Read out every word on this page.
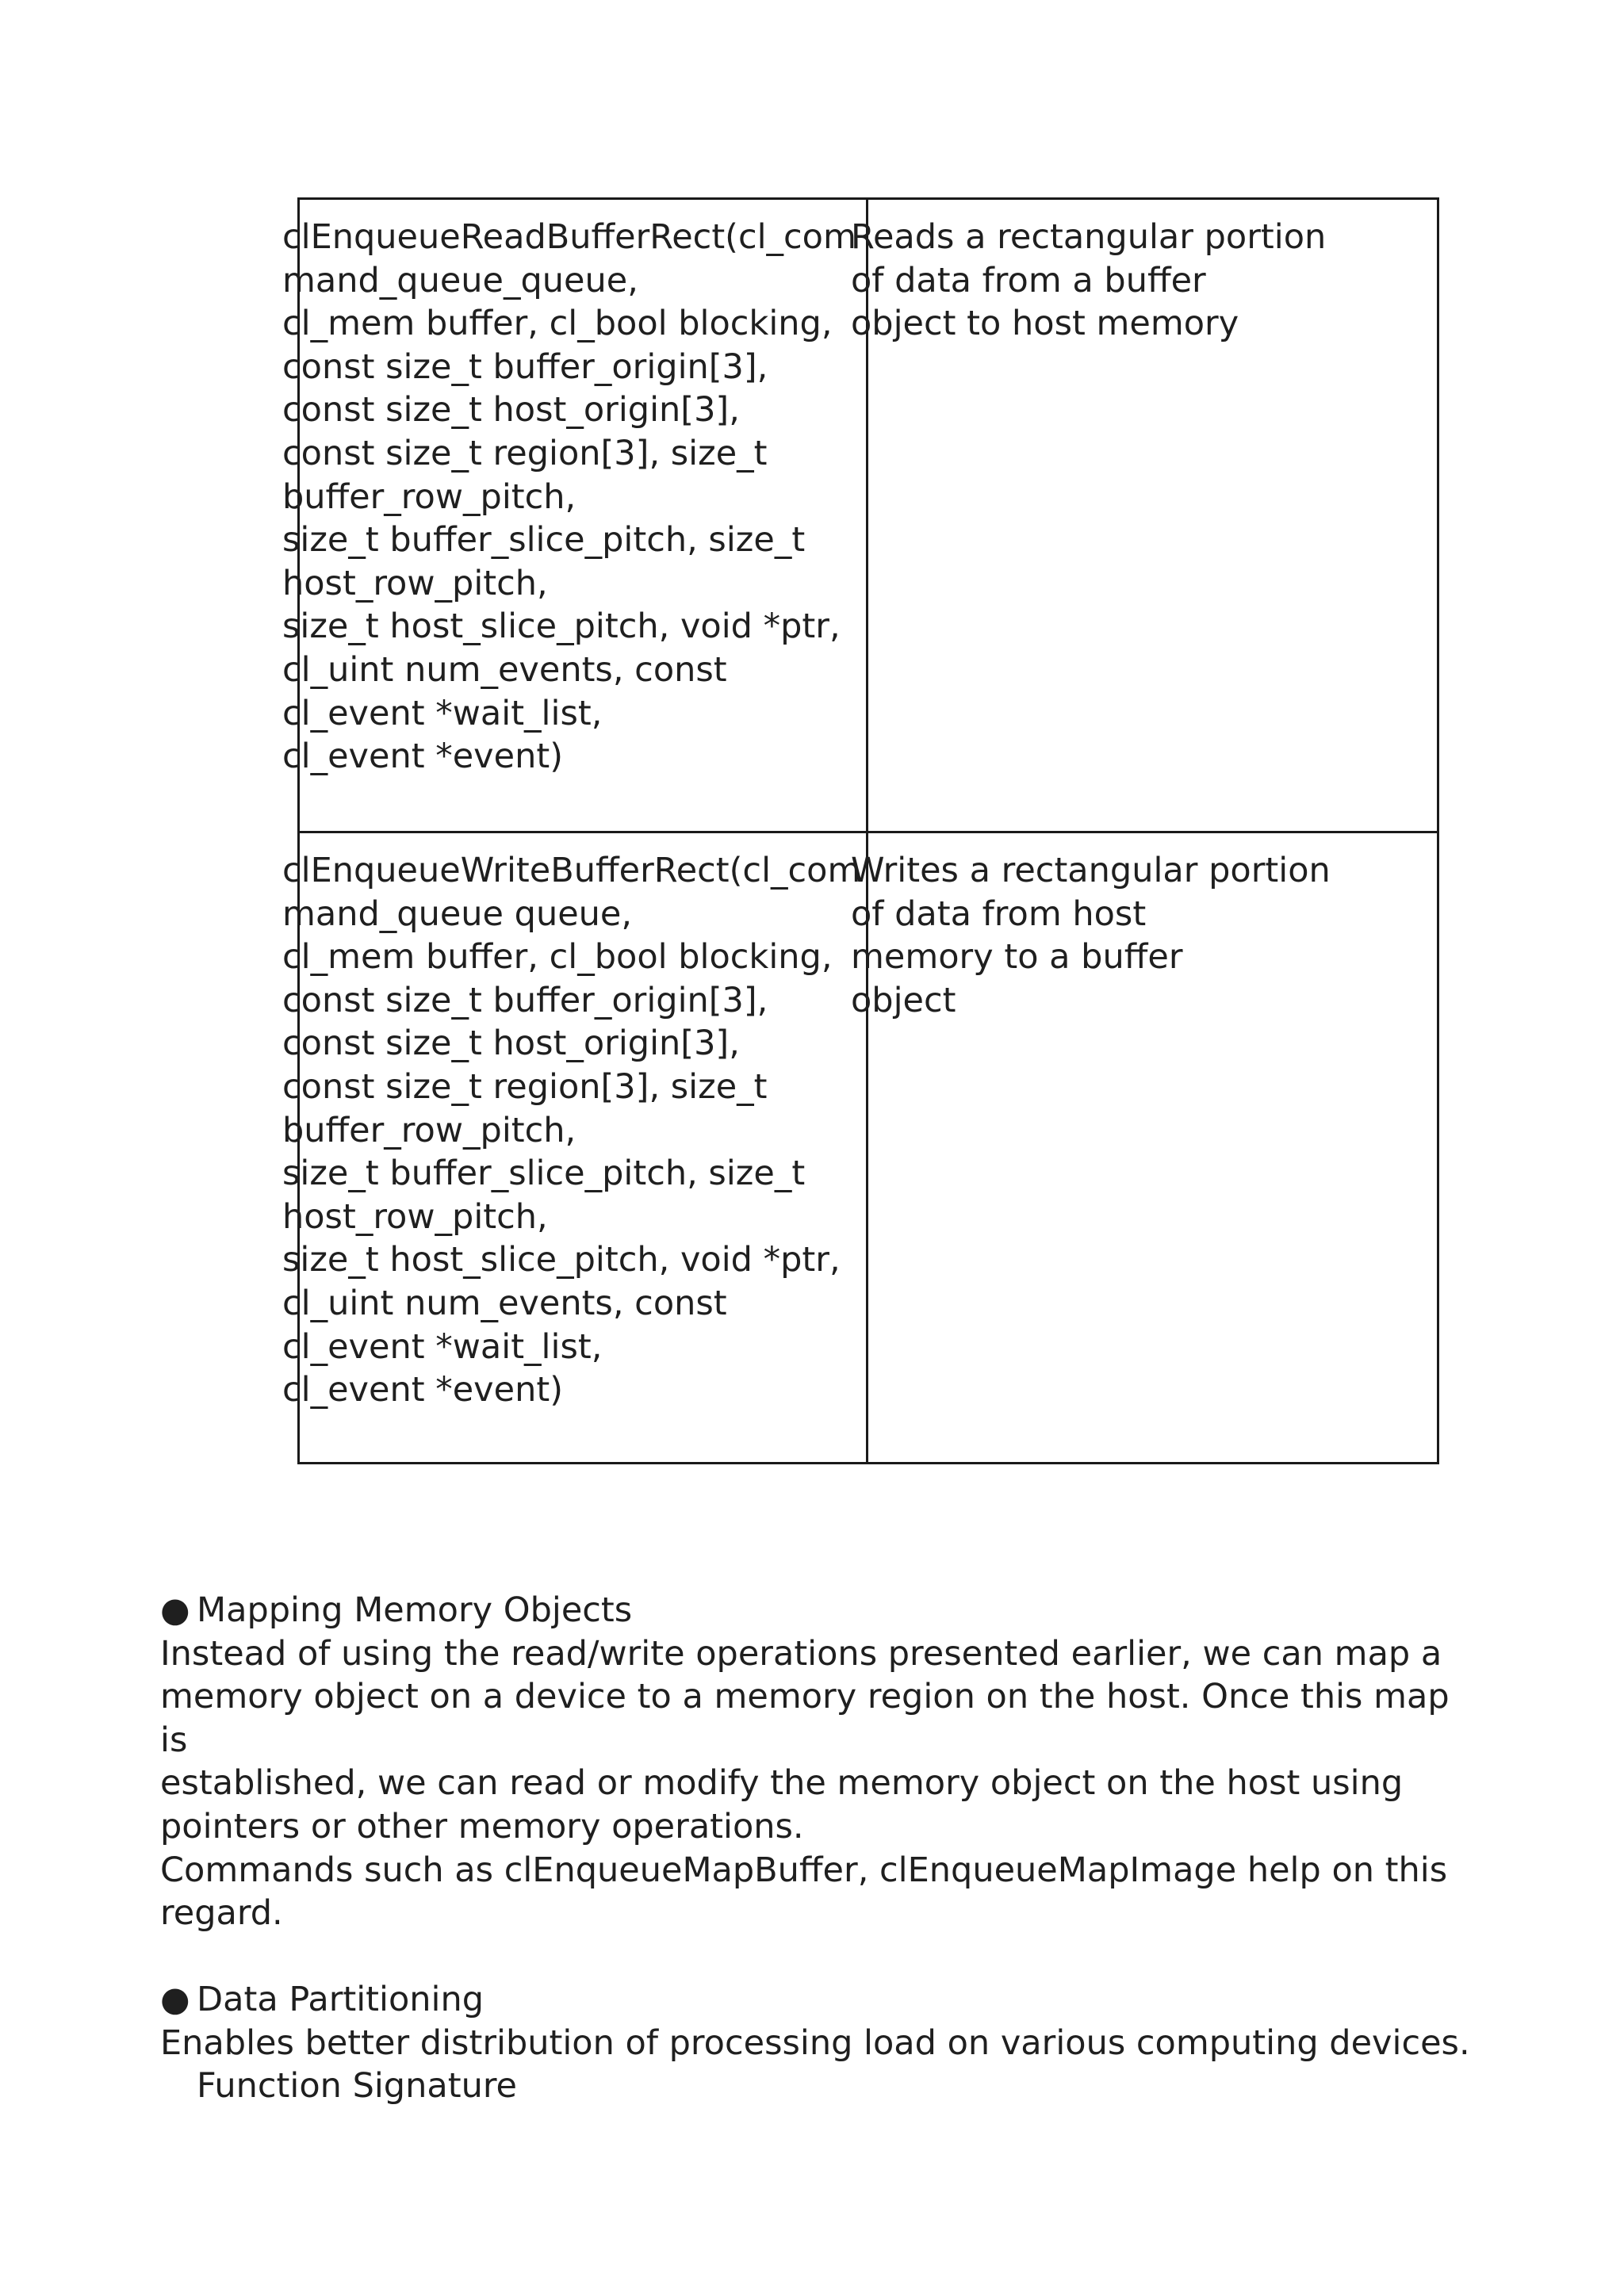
clEnqueueReadBufferRect(cl_com
mand_queue_queue,
cl_mem buffer, cl_bool blocking,
const size_t buffer_origin[3],
const size_t host_origin[3],
const size_t region[3], size_t
buffer_row_pitch,
size_t buffer_slice_pitch, size_t
host_row_pitch,
size_t host_slice_pitch, void *ptr,
cl_uint num_events, const
cl_event *wait_list,
cl_event *event)
Reads a rectangular portion
of data from a buffer
object to host memory
clEnqueueWriteBufferRect(cl_com
mand_queue queue,
cl_mem buffer, cl_bool blocking,
const size_t buffer_origin[3],
const size_t host_origin[3],
const size_t region[3], size_t
buffer_row_pitch,
size_t buffer_slice_pitch, size_t
host_row_pitch,
size_t host_slice_pitch, void *ptr,
cl_uint num_events, const
cl_event *wait_list,
cl_event *event)
Writes a rectangular portion
of data from host
memory to a buffer
object
● Mapping Memory Objects
Instead of using the read/write operations presented earlier, we can map a
memory object on a device to a memory region on the host. Once this map is
established, we can read or modify the memory object on the host using
pointers or other memory operations.
Commands such as clEnqueueMapBuffer, clEnqueueMapImage help on this
regard.
● Data Partitioning
Enables better distribution of processing load on various computing devices.
Function Signature
